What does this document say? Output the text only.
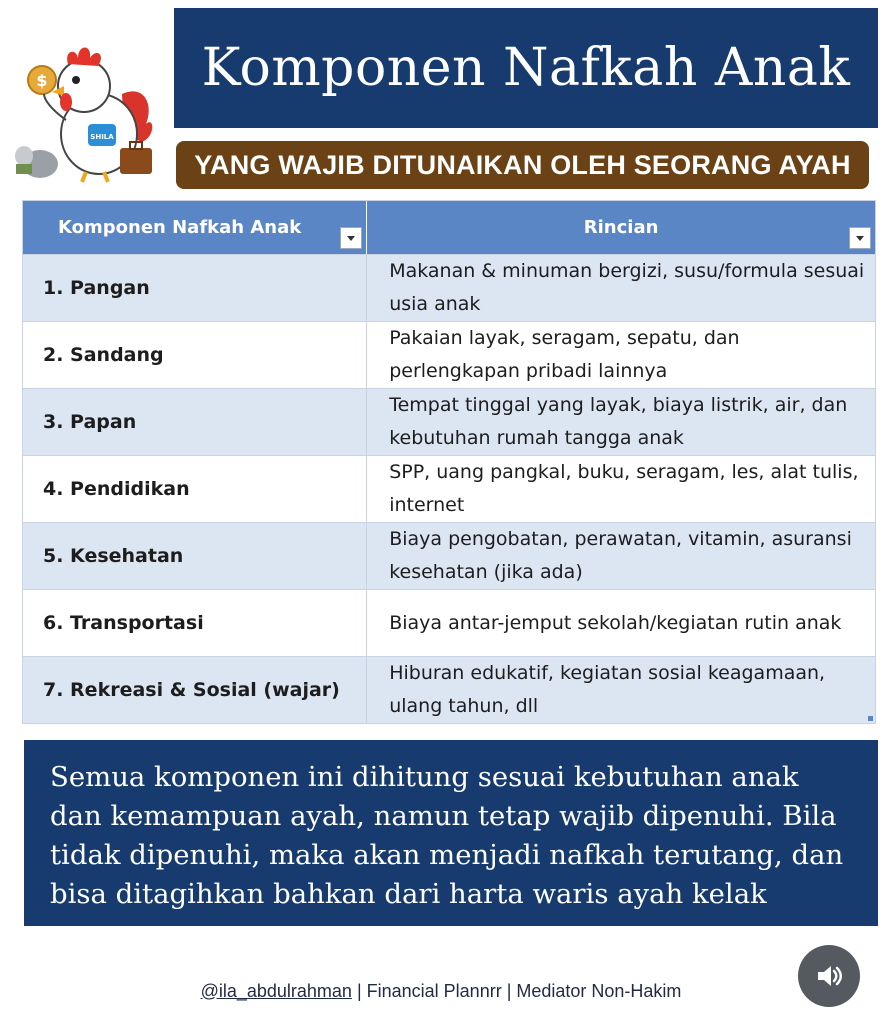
$
SHILA
Komponen Nafkah Anak
YANG WAJIB DITUNAIKAN OLEH SEORANG AYAH
Komponen Nafkah Anak	Rincian
1. Pangan
Makanan & minuman bergizi, susu/formula sesuai usia anak
2. Sandang
Pakaian layak, seragam, sepatu, dan perlengkapan pribadi lainnya
3. Papan
Tempat tinggal yang layak, biaya listrik, air, dan kebutuhan rumah tangga anak
4. Pendidikan
SPP, uang pangkal, buku, seragam, les, alat tulis, internet
5. Kesehatan
Biaya pengobatan, perawatan, vitamin, asuransi kesehatan (jika ada)
6. Transportasi	Biaya antar-jemput sekolah/kegiatan rutin anak
7. Rekreasi & Sosial (wajar)
Hiburan edukatif, kegiatan sosial keagamaan, ulang tahun, dll

Semua komponen ini dihitung sesuai kebutuhan anak dan kemampuan ayah, namun tetap wajib dipenuhi. Bila tidak dipenuhi, maka akan menjadi nafkah terutang, dan bisa ditagihkan bahkan dari harta waris ayah kelak

@ila_abdulrahman | Financial Plannrr | Mediator Non-Hakim
